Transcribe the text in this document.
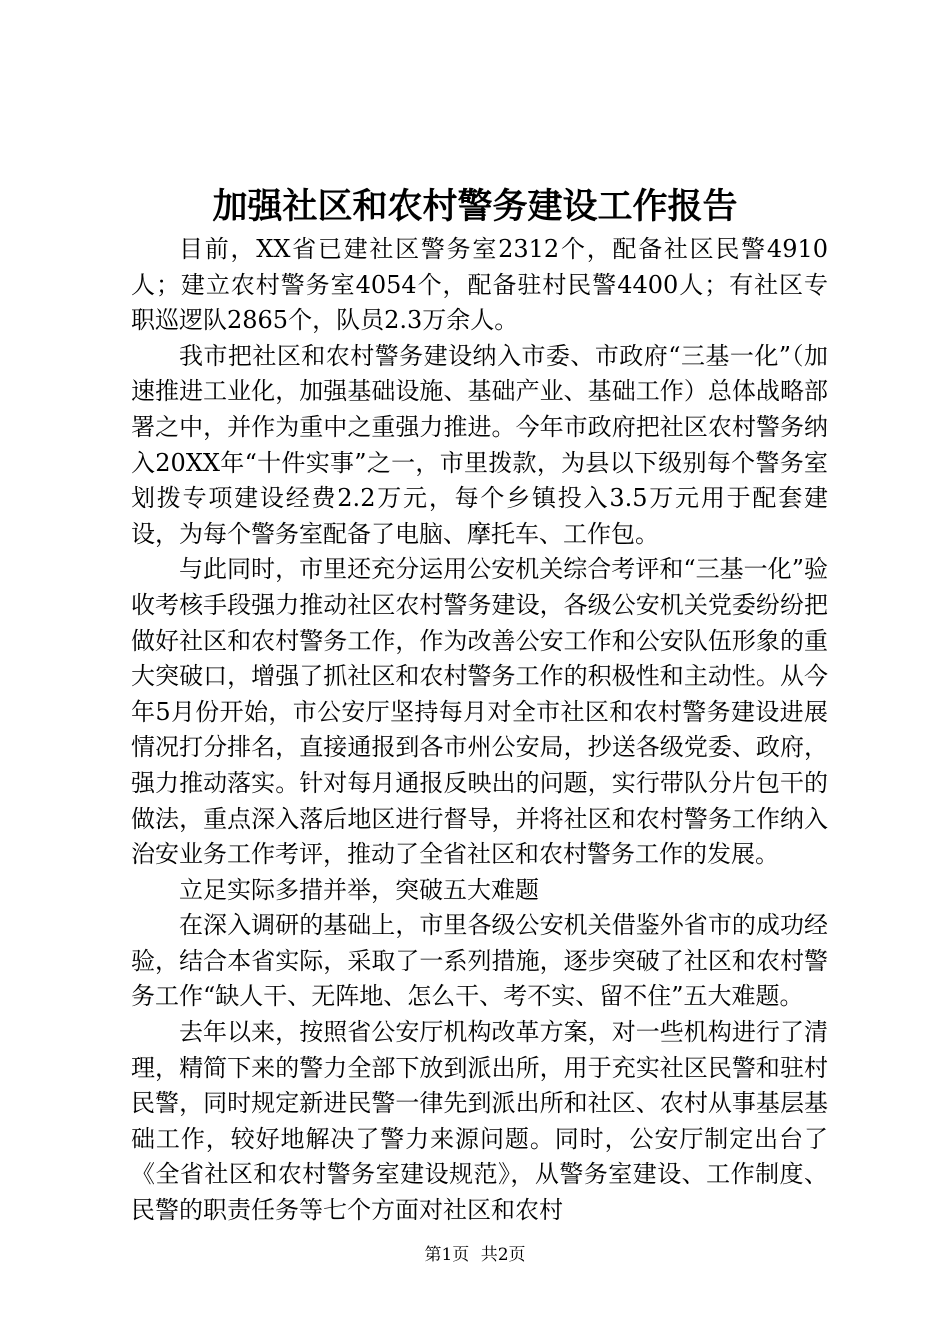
加强社区和农村警务建设工作报告

目前，XX省已建社区警务室2312个，配备社区民警4910人；建立农村警务室4054个，配备驻村民警4400人；有社区专职巡逻队2865个，队员2.3万余人。

我市把社区和农村警务建设纳入市委、市政府“三基一化”（加速推进工业化，加强基础设施、基础产业、基础工作）总体战略部署之中，并作为重中之重强力推进。今年市政府把社区农村警务纳入20XX年“十件实事”之一，市里拨款，为县以下级别每个警务室划拨专项建设经费2.2万元，每个乡镇投入3.5万元用于配套建设，为每个警务室配备了电脑、摩托车、工作包。

与此同时，市里还充分运用公安机关综合考评和“三基一化”验收考核手段强力推动社区农村警务建设，各级公安机关党委纷纷把做好社区和农村警务工作，作为改善公安工作和公安队伍形象的重大突破口，增强了抓社区和农村警务工作的积极性和主动性。从今年5月份开始，市公安厅坚持每月对全市社区和农村警务建设进展情况打分排名，直接通报到各市州公安局，抄送各级党委、政府，强力推动落实。针对每月通报反映出的问题，实行带队分片包干的做法，重点深入落后地区进行督导，并将社区和农村警务工作纳入治安业务工作考评，推动了全省社区和农村警务工作的发展。

立足实际多措并举，突破五大难题

在深入调研的基础上，市里各级公安机关借鉴外省市的成功经验，结合本省实际，采取了一系列措施，逐步突破了社区和农村警务工作“缺人干、无阵地、怎么干、考不实、留不住”五大难题。

去年以来，按照省公安厅机构改革方案，对一些机构进行了清理，精简下来的警力全部下放到派出所，用于充实社区民警和驻村民警，同时规定新进民警一律先到派出所和社区、农村从事基层基础工作，较好地解决了警力来源问题。同时，公安厅制定出台了《全省社区和农村警务室建设规范》，从警务室建设、工作制度、民警的职责任务等七个方面对社区和农村

第1页 共2页
